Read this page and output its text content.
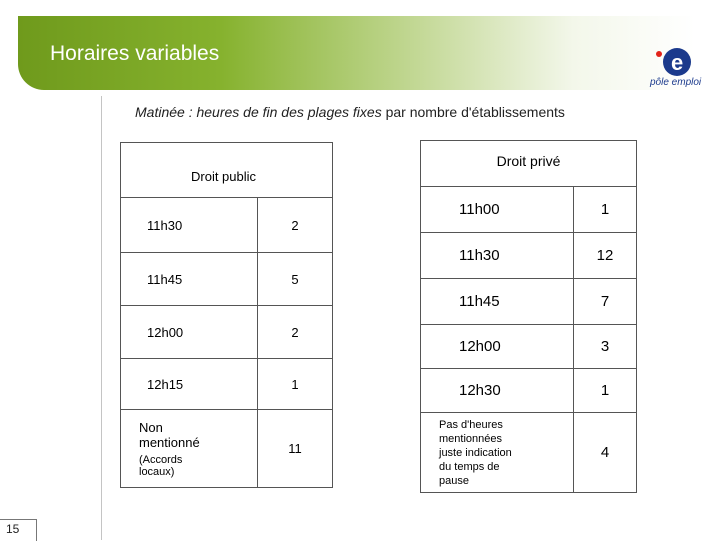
Horaires variables	e
pôle emploi
15
Matinée : heures de fin des plages fixes par nombre d'établissements
Droit public	
11h30	2
11h45	5
12h00	2
12h15	1

Non
mentionné
(Accords
locaux)	11
Droit privé	
11h00	1
11h30	12
11h45	7
12h00	3
12h30	1

Pas d'heures
mentionnées
juste indication
du temps de
pause	4
